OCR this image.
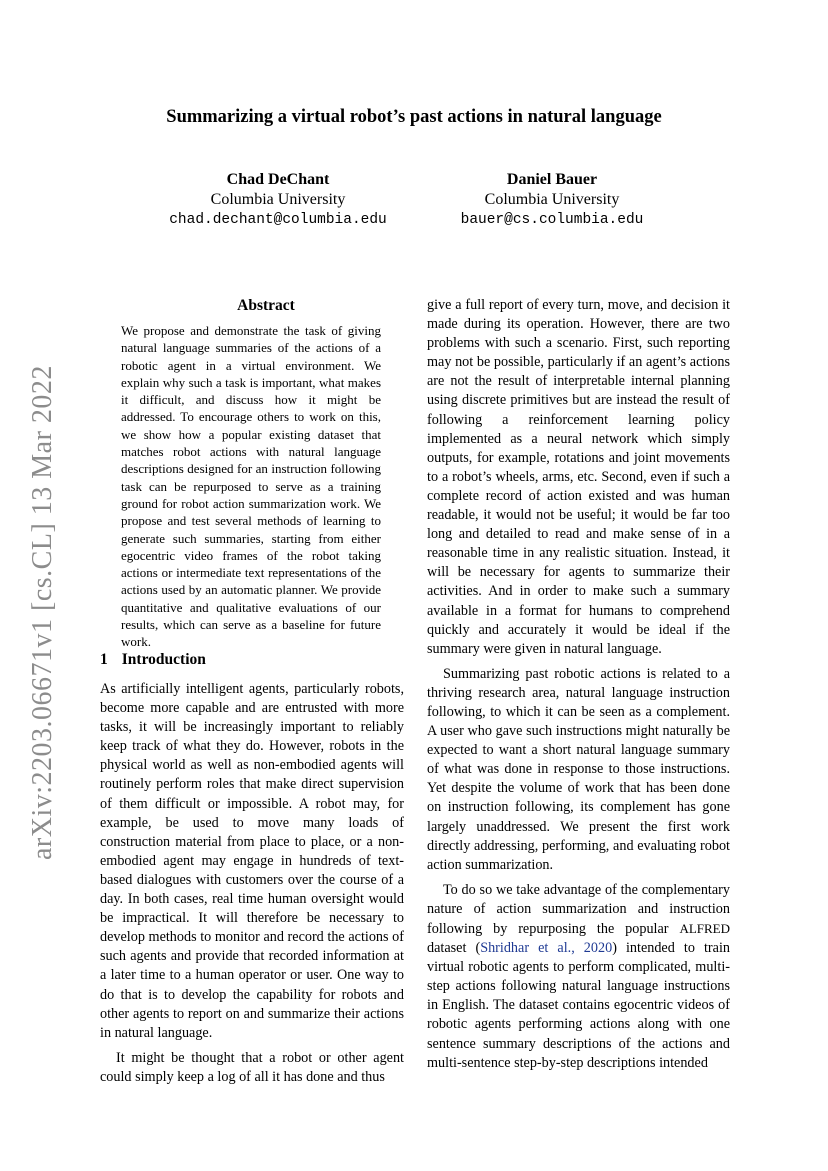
arXiv:2203.06671v1 [cs.CL] 13 Mar 2022
Summarizing a virtual robot’s past actions in natural language
Chad DeChant
Columbia University
chad.dechant@columbia.edu
Daniel Bauer
Columbia University
bauer@cs.columbia.edu
Abstract
We propose and demonstrate the task of giving natural language summaries of the actions of a robotic agent in a virtual environment. We explain why such a task is important, what makes it difficult, and discuss how it might be addressed. To encourage others to work on this, we show how a popular existing dataset that matches robot actions with natural language descriptions designed for an instruction following task can be repurposed to serve as a training ground for robot action summarization work. We propose and test several methods of learning to generate such summaries, starting from either egocentric video frames of the robot taking actions or intermediate text representations of the actions used by an automatic planner. We provide quantitative and qualitative evaluations of our results, which can serve as a baseline for future work.
1 Introduction

As artificially intelligent agents, particularly robots, become more capable and are entrusted with more tasks, it will be increasingly important to reliably keep track of what they do. However, robots in the physical world as well as non-embodied agents will routinely perform roles that make direct supervision of them difficult or impossible. A robot may, for example, be used to move many loads of construction material from place to place, or a non-embodied agent may engage in hundreds of text-based dialogues with customers over the course of a day. In both cases, real time human oversight would be impractical. It will therefore be necessary to develop methods to monitor and record the actions of such agents and provide that recorded information at a later time to a human operator or user. One way to do that is to develop the capability for robots and other agents to report on and summarize their actions in natural language.

It might be thought that a robot or other agent could simply keep a log of all it has done and thus

give a full report of every turn, move, and decision it made during its operation. However, there are two problems with such a scenario. First, such reporting may not be possible, particularly if an agent’s actions are not the result of interpretable internal planning using discrete primitives but are instead the result of following a reinforcement learning policy implemented as a neural network which simply outputs, for example, rotations and joint movements to a robot’s wheels, arms, etc. Second, even if such a complete record of action existed and was human readable, it would not be useful; it would be far too long and detailed to read and make sense of in a reasonable time in any realistic situation. Instead, it will be necessary for agents to summarize their activities. And in order to make such a summary available in a format for humans to comprehend quickly and accurately it would be ideal if the summary were given in natural language.

Summarizing past robotic actions is related to a thriving research area, natural language instruction following, to which it can be seen as a complement. A user who gave such instructions might naturally be expected to want a short natural language summary of what was done in response to those instructions. Yet despite the volume of work that has been done on instruction following, its complement has gone largely unaddressed. We present the first work directly addressing, performing, and evaluating robot action summarization.

To do so we take advantage of the complementary nature of action summarization and instruction following by repurposing the popular ALFRED dataset (Shridhar et al., 2020) intended to train virtual robotic agents to perform complicated, multi-step actions following natural language instructions in English. The dataset contains egocentric videos of robotic agents performing actions along with one sentence summary descriptions of the actions and multi-sentence step-by-step descriptions intended
